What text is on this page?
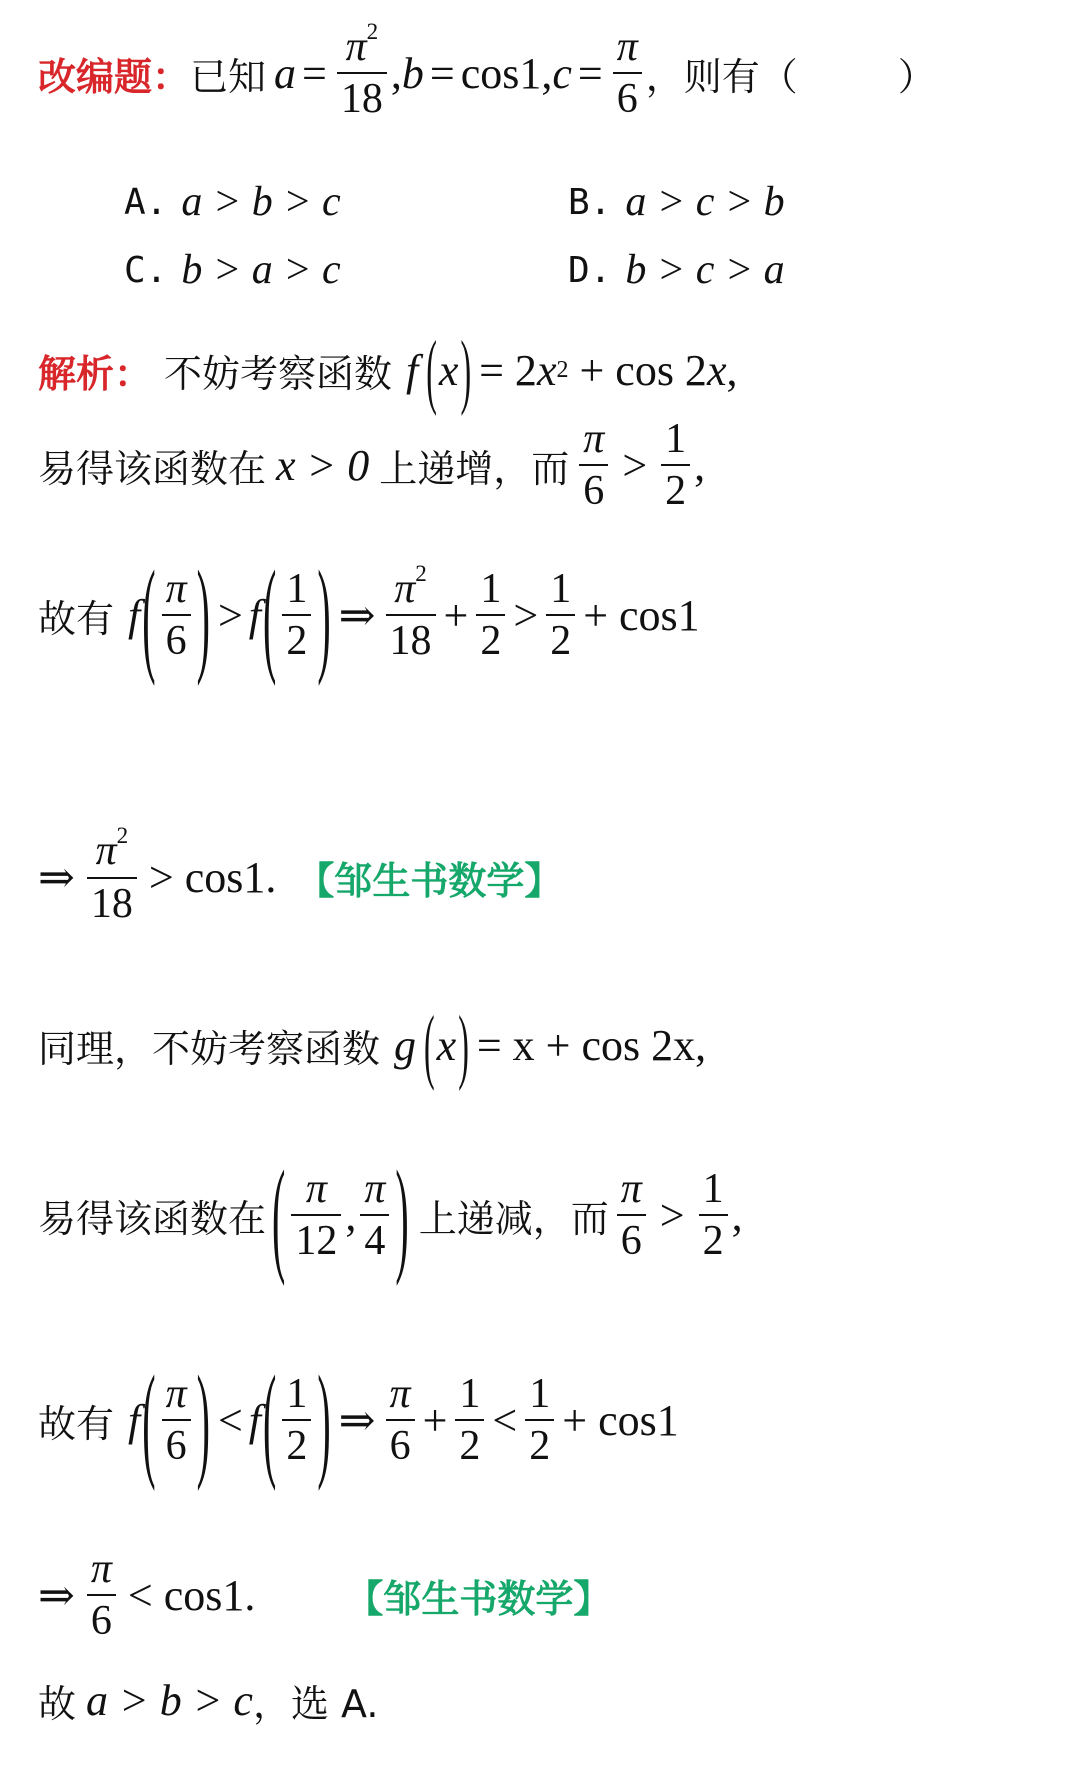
改编题： 已知 $a = \frac{\pi^2}{18}$ , b = cos1 , $c = \frac{\pi}{6}$ ，则有（	）
A. a > b > c	B. a > c > b
C. b > a > c	D. b > c > a
解析： 不妨考察函数 f ( x ) = 2 x 2 + cos 2 x ,
易得该函数在 x > 0 上递增，而 $\frac{\pi}{6} > \frac{1}{2}$ ,
故有 f ( $\frac{\pi}{6}$ ) > f ( $\frac{1}{2}$ ) ⇒ $\frac{\pi^2}{18} + \frac{1}{2} > \frac{1}{2} + \cos 1$
⇒ $\frac{\pi^2}{18} > \cos 1$. 【邹生书数学】
同理，不妨考察函数 g ( x ) = x + cos 2x,
易得该函数在 ( $\frac{\pi}{12}$ , $\frac{\pi}{4}$ ) 上递减，而 $\frac{\pi}{6} > \frac{1}{2}$ ,
故有 f ( $\frac{\pi}{6}$ ) < f ( $\frac{1}{2}$ ) ⇒ $\frac{\pi}{6} + \frac{1}{2} < \frac{1}{2} + \cos 1$
⇒ $\frac{\pi}{6} < \cos 1$. 【邹生书数学】
故 a > b > c ，选 A.
